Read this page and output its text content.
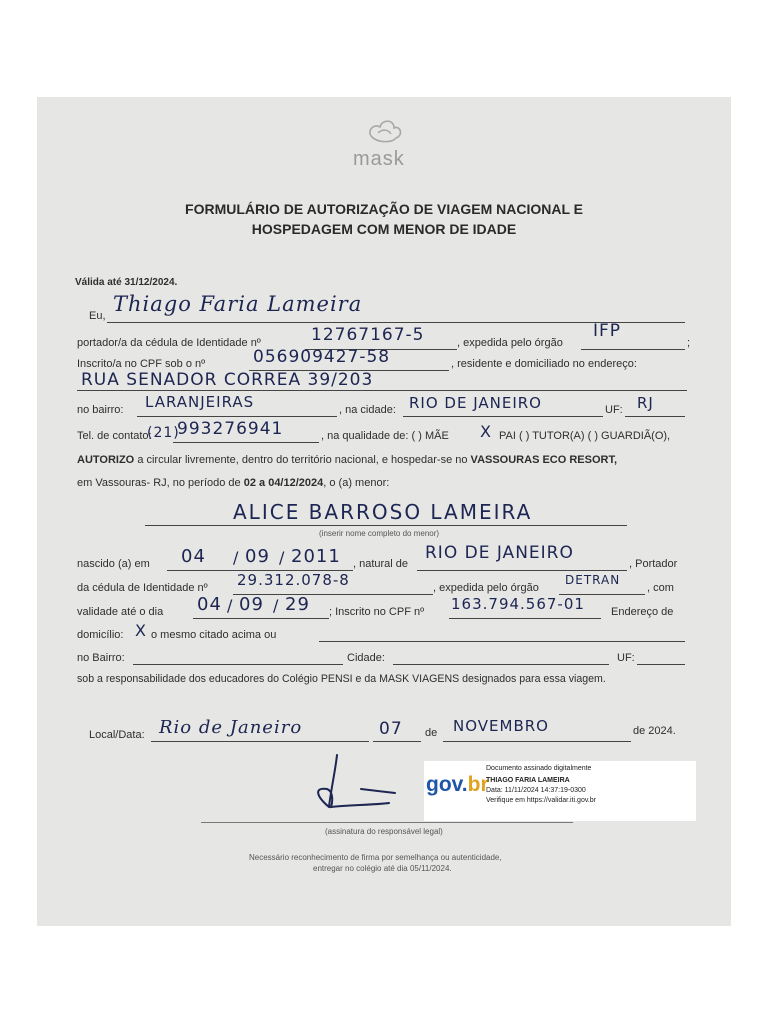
mask
FORMULÁRIO DE AUTORIZAÇÃO DE VIAGEM NACIONAL E
HOSPEDAGEM COM MENOR DE IDADE
Válida até 31/12/2024.
Eu, Thiago Faria Lameira
portador/a da cédula de Identidade nº	12767167-5	, expedida pelo órgão
IFP
;
Inscrito/a no CPF sob o nº	056909427-58	, residente e domiciliado no endereço:
RUA SENADOR CORREA 39/203
no bairro: LARANJEIRAS	, na cidade: RIO DE JANEIRO	UF: RJ
Tel. de contato:
(21)
993276941	, na qualidade de: ( ) MÃE X PAI ( ) TUTOR(A) ( ) GUARDIÃ(O),
AUTORIZO a circular livremente, dentro do território nacional, e hospedar-se no VASSOURAS ECO RESORT,
em Vassouras- RJ, no período de 02 a 04/12/2024, o (a) menor:
ALICE BARROSO LAMEIRA
(inserir nome completo do menor)
nascido (a) em 04 / 09 / 2011 , natural de
RIO DE JANEIRO
, Portador
da cédula de Identidade nº 29.312.078-8	, expedida pelo órgão
DETRAN
, com
validade até o dia 04 / 09 / 29 ; Inscrito no CPF nº 163.794.567-01 Endereço de
domicílio: X o mesmo citado acima ou
no Bairro:	Cidade:	UF:
sob a responsabilidade dos educadores do Colégio PENSI e da MASK VIAGENS designados para essa viagem.
Local/Data: Rio de Janeiro	07 de NOVEMBRO	de 2024.
(assinatura do responsável legal)
gov.br
Documento assinado digitalmente
THIAGO FARIA LAMEIRA
Data: 11/11/2024 14:37:19-0300
Verifique em https://validar.iti.gov.br
Necessário reconhecimento de firma por semelhança ou autenticidade,
entregar no colégio até dia 05/11/2024.
